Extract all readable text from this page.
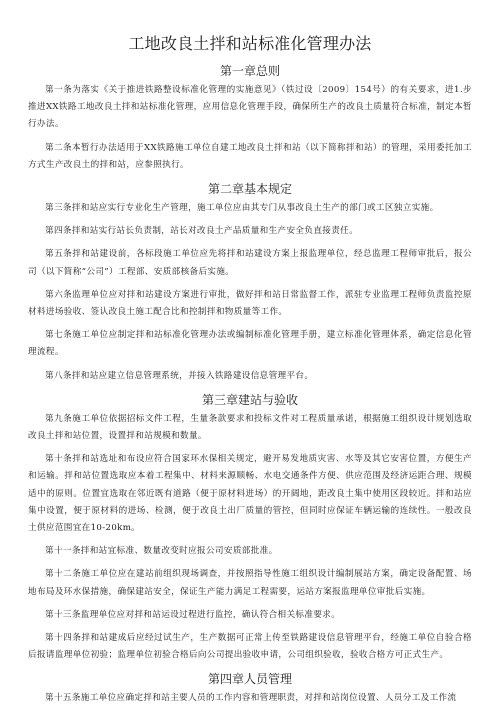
工地改良土拌和站标准化管理办法
第一章总则

第一条为落实《关于推进铁路整设标准化管理的实施意见》（铁过设〔2009〕154号）的有关要求，进1.步推进XX铁路工地改良土拌和站标准化管理，应用信息化管理手段，确保所生产的改良土质量符合标准，制定本暂行办法。

第二条本暂行办法适用于XX铁路施工单位自建工地改良土拌和站（以下简称拌和站）的管理，采用委托加工方式生产改良土的拌和站，应参照执行。

第二章基本规定

第三条拌和站应实行专业化生产管理，施工单位应由其专门从事改良土生产的部门或工区独立实施。

第四条拌和站实行站长负责制，站长对改良土产品质量和生产安全负直接责任。

第五条拌和站建设前，各标段施工单位应先将拌和站建设方案上报监理单位，经总监理工程师审批后，报公司（以下简称“公司”）工程部、安质部核备后实施。

第六条监理单位应对拌和站建设方案进行审批，做好拌和站日常监督工作，派驻专业监理工程师负责监控原材料进场验收、签认改良土施工配合比和控制拌和物质量等工作。

第七条施工单位应制定拌和站标准化管理办法或编制标准化管理手册，建立标准化管理体系，确定信息化管理流程。

第八条拌和站应建立信息管理系统，并接入铁路建设信息管理平台。

第三章建站与验收

第九条施工单位依据招标文件工程，生量条款要求和投标文件对工程质量承诺，根据施工组织设计规划选取改良土拌和站位置，设置拌和站规模和数量。

第十条拌和站选址和布设应符合国家环水保相关规定，避开易发地质灾害、水等及其它安害位置，方便生产和运输。拌和站位置选取应本着工程集中、材料来源顺畅、水电交通条件方便、供应范围及经济运距合理、规模适中的原则。位置宜选取在邻近既有道路（便于原材料进场）的开阔地，距改良土集中使用区段较近。拌和站应集中设置，便于原材料的进场、检测，便于改良土出厂质量的管控，但同时应保证车辆运输的连续性。一般改良土供应范围宜在10-20km。

第十一条拌和站宜标准、数量改变时应报公司安质部批准。

第十二条施工单位应在建站前组织现场调查，并按照指导性施工组织设计编制展站方案，确定设备配置、场地布局及环水保措施，确保建站安全，保证生产能力满足工程需要，运站方案报监理单位审批后实施。

第十三条监理单位应对拌和站运设过程进行监控，确认符合相关标准要求。

第十四条拌和站建成后应经过试生产，生产数据可正常上传至铁路建设信息管理平台，经施工单位自验合格后报请监理单位初验；监理单位初验合格后向公司提出验收申请，公司组织验收，验收合格方可正式生产。

第四章人员管理

第十五条施工单位应确定拌和站主要人员的工作内容和管理职责，对拌和站岗位设置、人员分工及工作流
